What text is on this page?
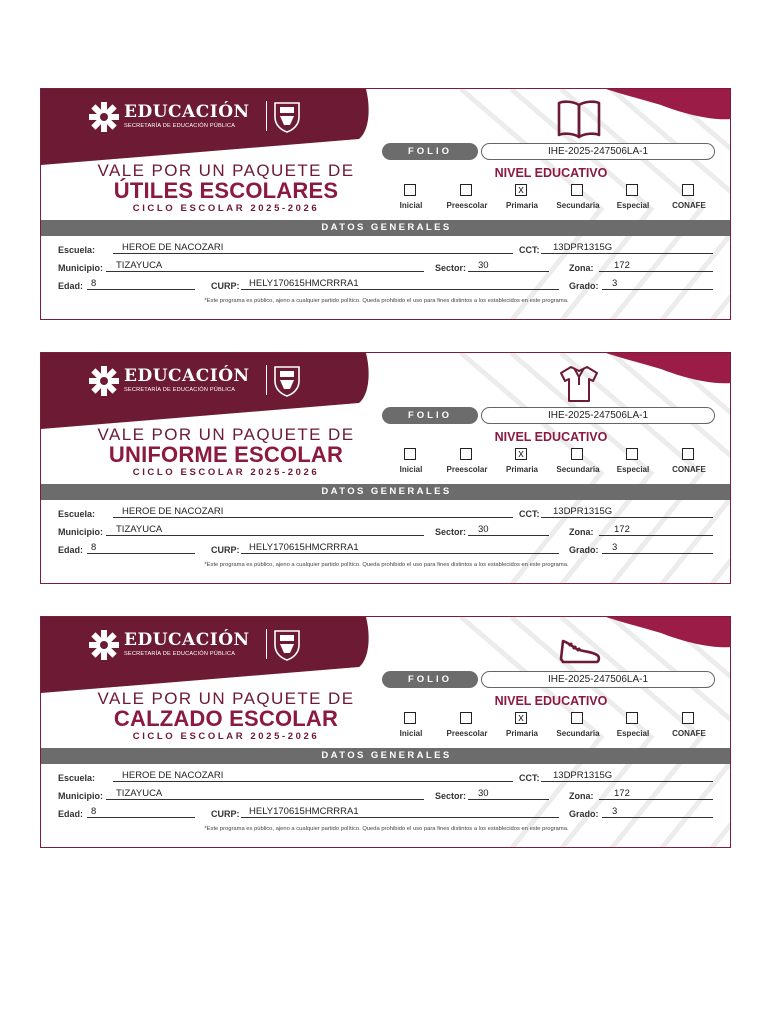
EDUCACIÓN
SECRETARÍA DE EDUCACIÓN PÚBLICA
VALE POR UN PAQUETE DE
ÚTILES ESCOLARES
CICLO ESCOLAR 2025-2026
FOLIO	IHE-2025-247506LA-1
NIVEL EDUCATIVO
Inicial	Preescolar
x
Primaria	Secundaria	Especial	CONAFE
DATOS GENERALES
Escuela:	HEROE DE NACOZARI	CCT: 13DPR1315G
Municipio: TIZAYUCA	Sector: 30	Zona: 172
Edad: 8	CURP: HELY170615HMCRRRA1	Grado: 3
*Este programa es público, ajeno a cualquier partido político. Queda prohibido el uso para fines distintos a los establecidos en este programa.
EDUCACIÓN
SECRETARÍA DE EDUCACIÓN PÚBLICA
VALE POR UN PAQUETE DE
UNIFORME ESCOLAR
CICLO ESCOLAR 2025-2026
FOLIO	IHE-2025-247506LA-1
NIVEL EDUCATIVO
Inicial	Preescolar
x
Primaria	Secundaria	Especial	CONAFE
DATOS GENERALES
Escuela:	HEROE DE NACOZARI	CCT: 13DPR1315G
Municipio: TIZAYUCA	Sector: 30	Zona: 172
Edad: 8	CURP: HELY170615HMCRRRA1	Grado: 3
*Este programa es público, ajeno a cualquier partido político. Queda prohibido el uso para fines distintos a los establecidos en este programa.
EDUCACIÓN
SECRETARÍA DE EDUCACIÓN PÚBLICA
VALE POR UN PAQUETE DE
CALZADO ESCOLAR
CICLO ESCOLAR 2025-2026
FOLIO	IHE-2025-247506LA-1
NIVEL EDUCATIVO
Inicial	Preescolar
x
Primaria	Secundaria	Especial	CONAFE
DATOS GENERALES
Escuela:	HEROE DE NACOZARI	CCT: 13DPR1315G
Municipio: TIZAYUCA	Sector: 30	Zona: 172
Edad: 8	CURP: HELY170615HMCRRRA1	Grado: 3
*Este programa es público, ajeno a cualquier partido político. Queda prohibido el uso para fines distintos a los establecidos en este programa.
